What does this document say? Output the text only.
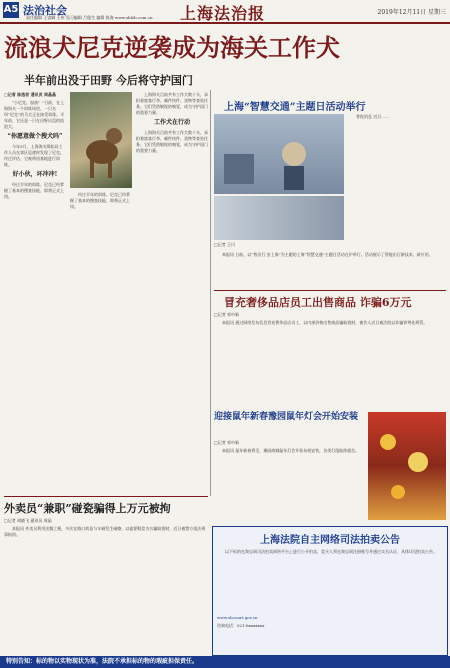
A5 法治社会
责任编辑 王睿卿 王伟 见习编辑 吕俊生 编辑 陈海 www.shfzb.com.cn 上海法治报	2019年12月11日 星期三
流浪犬尼克逆袭成为海关工作犬
半年前出没于田野 今后将守护国门

□记者 陈逸君 通讯员 周晶晶

“小尼克，加油！”日前，在上海海关一个训练场里，一只名叫“尼克”的马犬正在接受训练。半年前，它还是一只在田野出没的流浪犬。

“你愿意做个搜犬吗”

今年5月，上海海关缉私局工作人员在郊区巡逻时发现了尼克。经过评估，它被带回基地进行训练。

好小伙，坏冲冲!

经过半年的训练，尼克已经掌握了基本的搜查技能，即将正式上岗。	经过半年的训练，尼克已经掌握了基本的搜查技能，即将正式上岗。

上海海关目前共有工作犬数十头，承担着旅客行李、邮件快件、货物等查验任务。它们凭借敏锐的嗅觉，成为守护国门的重要力量。

工作犬在行动

上海海关目前共有工作犬数十头，承担着旅客行李、邮件快件、货物等查验任务。它们凭借敏锐的嗅觉，成为守护国门的重要力量。

上海“智慧交通”主题日活动举行
□记者 王川

普陀消息 近日……

本报讯 日前，以“智出行 安上海”为主题的上海“智慧交通”主题日活动在沪举行。活动展示了智能出行新技术、新应用。

冒充奢侈品店员工出售商品 诈骗6万元

□记者 邹中新

本报讯 通过网络发布信息冒充奢侈品店员工，以内部价格出售商品骗取钱财，被告人近日被法院以诈骗罪判处刑罚。

迎接鼠年新春豫园鼠年灯会开始安装

□记者 邹中新

本报讯 鼠年新春将至，豫园商城鼠年灯会开始布展安装，各类灯组陆续就位。

外卖员“兼职”碰瓷骗得上万元被拘

□记者 胡晓飞 通讯员 周晶

本报讯 外卖员利用送餐之便，多次在路口故意与车辆发生碰擦，以索要赔偿为名骗取钱财，近日被警方依法刑事拘留。

上海法院自主网络司法拍卖公告

以下标的在淘宝网司法拍卖网络平台上进行公开拍卖，竞买人须在淘宝网注册账号并通过实名认证，具体详见拍卖公告。

www.shcourt.gov.cn
咨询电话：021-6xxxxxxx
特别告知：标的物以实物现状为准，法院不承担标的物的瑕疵担保责任。
